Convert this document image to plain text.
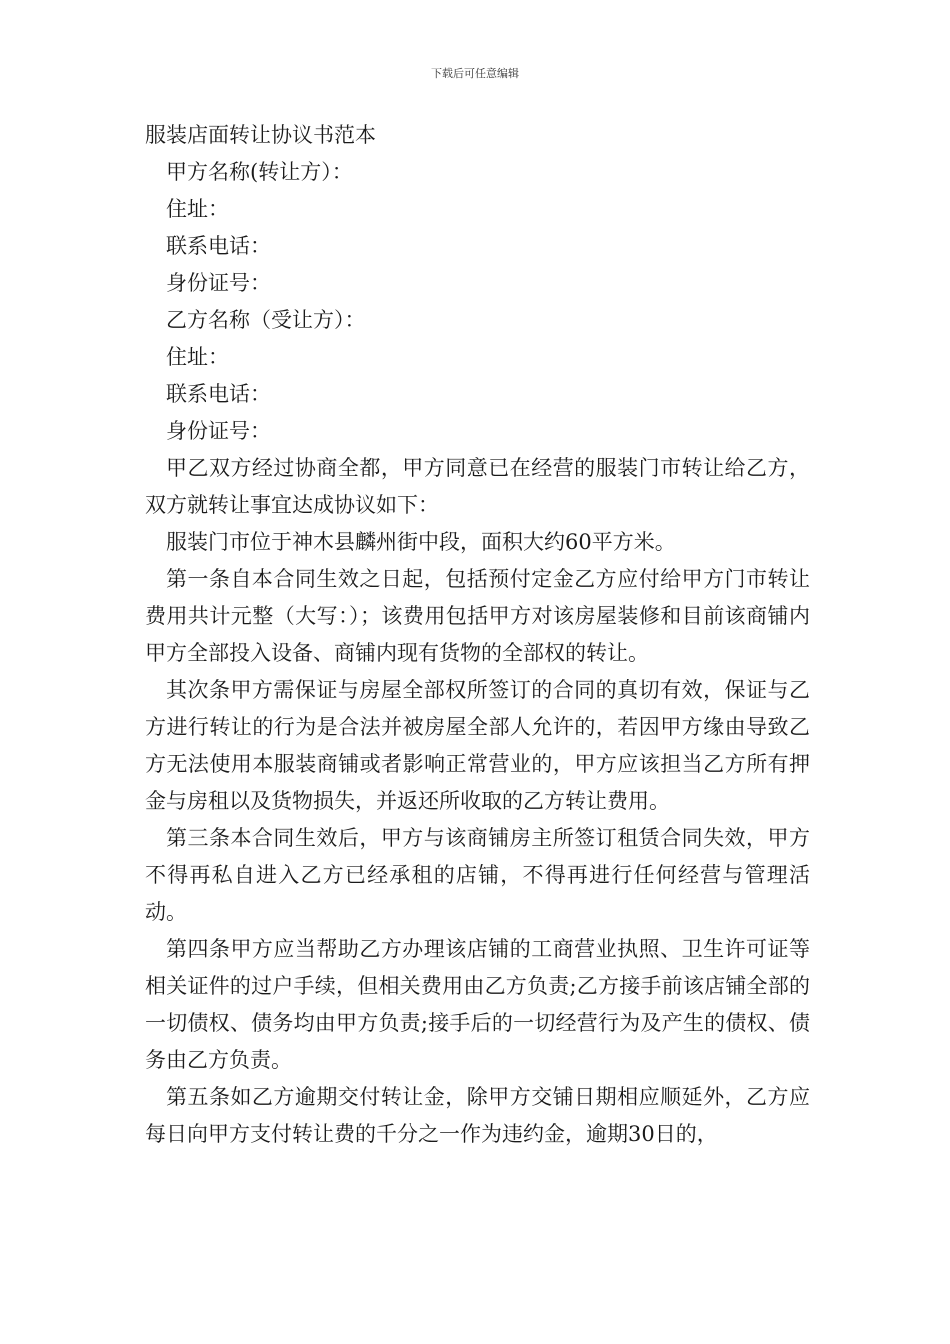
下载后可任意编辑

服装店面转让协议书范本

甲方名称(转让方）：

住址：

联系电话：

身份证号：

乙方名称（受让方）：

住址：

联系电话：

身份证号：

甲乙双方经过协商全都，甲方同意已在经营的服装门市转让给乙方，双方就转让事宜达成协议如下：

服装门市位于神木县麟州街中段，面积大约60平方米。

第一条自本合同生效之日起，包括预付定金乙方应付给甲方门市转让费用共计元整（大写：）；该费用包括甲方对该房屋装修和目前该商铺内甲方全部投入设备、商铺内现有货物的全部权的转让。

其次条甲方需保证与房屋全部权所签订的合同的真切有效，保证与乙方进行转让的行为是合法并被房屋全部人允许的，若因甲方缘由导致乙方无法使用本服装商铺或者影响正常营业的，甲方应该担当乙方所有押金与房租以及货物损失，并返还所收取的乙方转让费用。

第三条本合同生效后，甲方与该商铺房主所签订租赁合同失效，甲方不得再私自进入乙方已经承租的店铺，不得再进行任何经营与管理活动。

第四条甲方应当帮助乙方办理该店铺的工商营业执照、卫生许可证等相关证件的过户手续，但相关费用由乙方负责;乙方接手前该店铺全部的一切债权、债务均由甲方负责;接手后的一切经营行为及产生的债权、债务由乙方负责。

第五条如乙方逾期交付转让金，除甲方交铺日期相应顺延外，乙方应每日向甲方支付转让费的千分之一作为违约金，逾期30日的，
